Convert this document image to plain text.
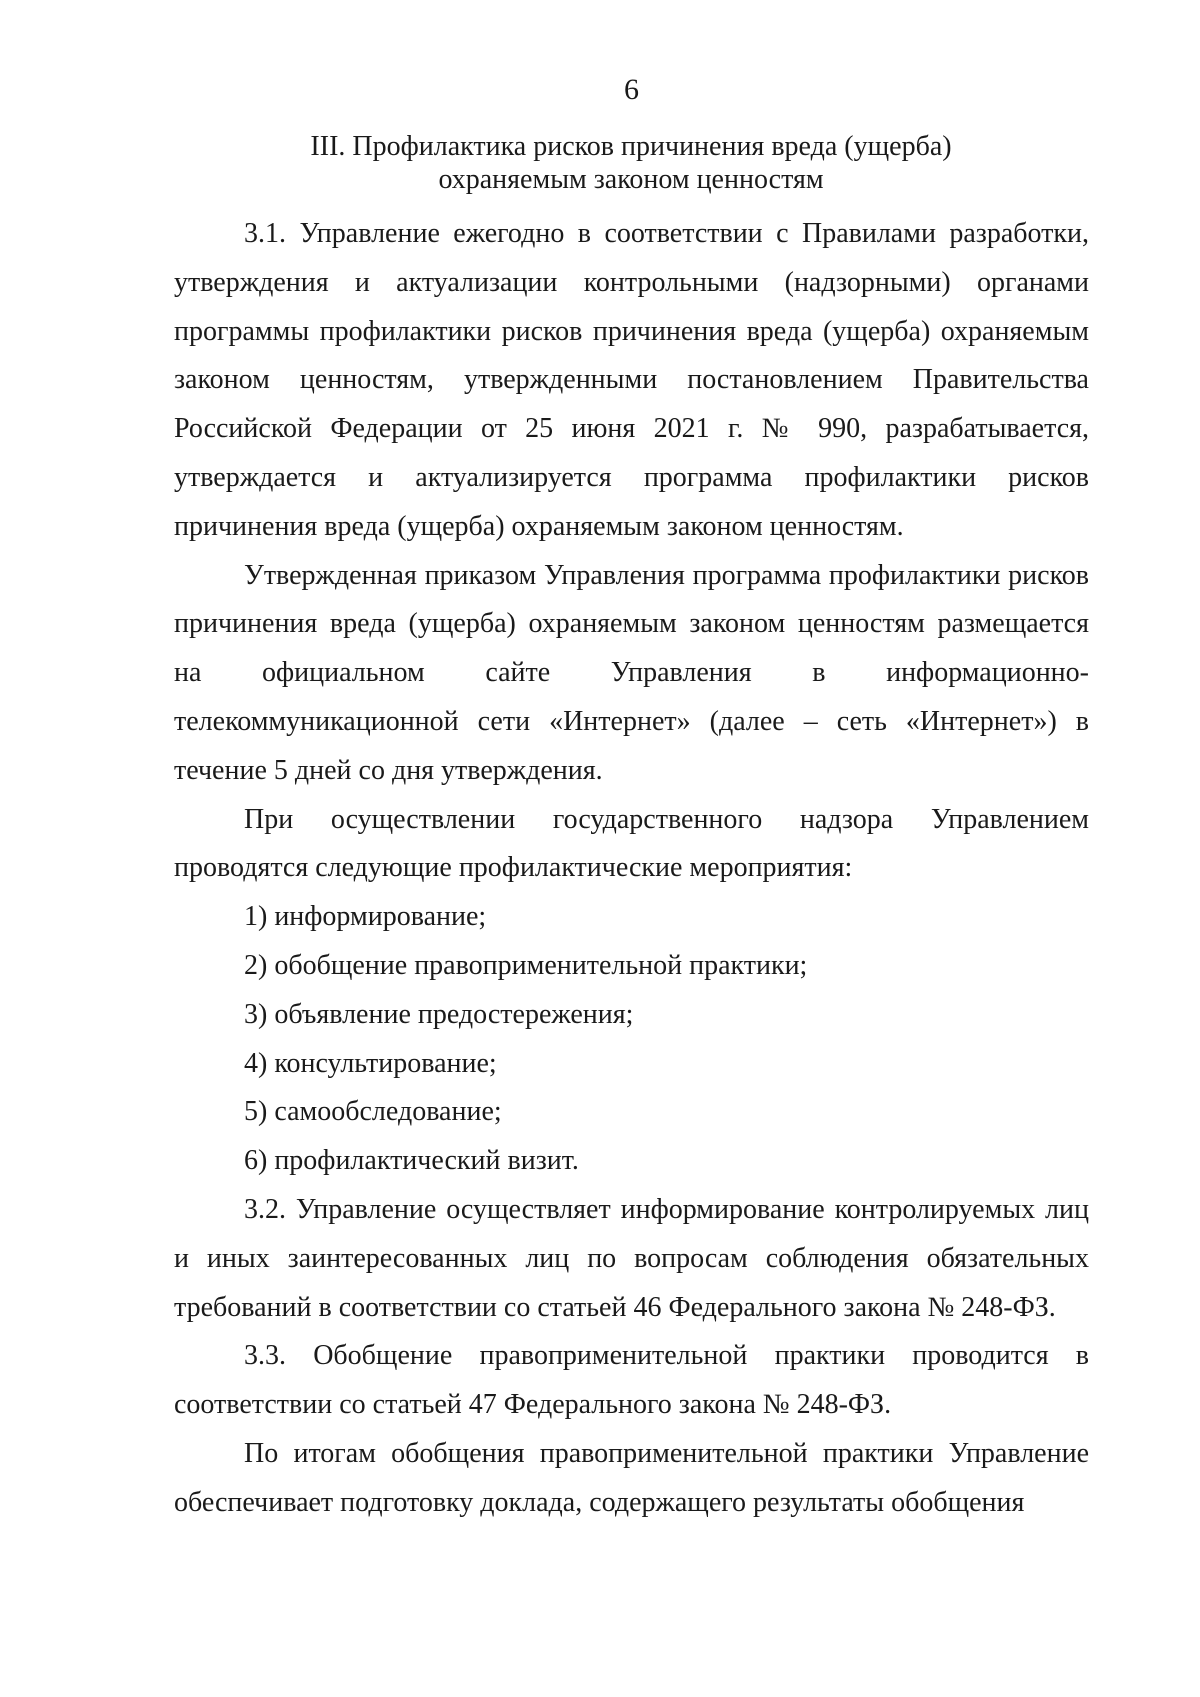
6
III. Профилактика рисков причинения вреда (ущерба)
охраняемым законом ценностям

3.1. Управление ежегодно в соответствии с Правилами разработки, утверждения и актуализации контрольными (надзорными) органами программы профилактики рисков причинения вреда (ущерба) охраняемым законом ценностям, утвержденными постановлением Правительства Российской Федерации от 25 июня 2021 г. № 990, разрабатывается, утверждается и актуализируется программа профилактики рисков причинения вреда (ущерба) охраняемым законом ценностям.

Утвержденная приказом Управления программа профилактики рисков причинения вреда (ущерба) охраняемым законом ценностям размещается на официальном сайте Управления в информационно-телекоммуникационной сети «Интернет» (далее – сеть «Интернет») в течение 5 дней со дня утверждения.

При осуществлении государственного надзора Управлением проводятся следующие профилактические мероприятия:

1) информирование;

2) обобщение правоприменительной практики;

3) объявление предостережения;

4) консультирование;

5) самообследование;

6) профилактический визит.

3.2. Управление осуществляет информирование контролируемых лиц и иных заинтересованных лиц по вопросам соблюдения обязательных требований в соответствии со статьей 46 Федерального закона № 248-ФЗ.

3.3. Обобщение правоприменительной практики проводится в соответствии со статьей 47 Федерального закона № 248-ФЗ.

По итогам обобщения правоприменительной практики Управление обеспечивает подготовку доклада, содержащего результаты обобщения
